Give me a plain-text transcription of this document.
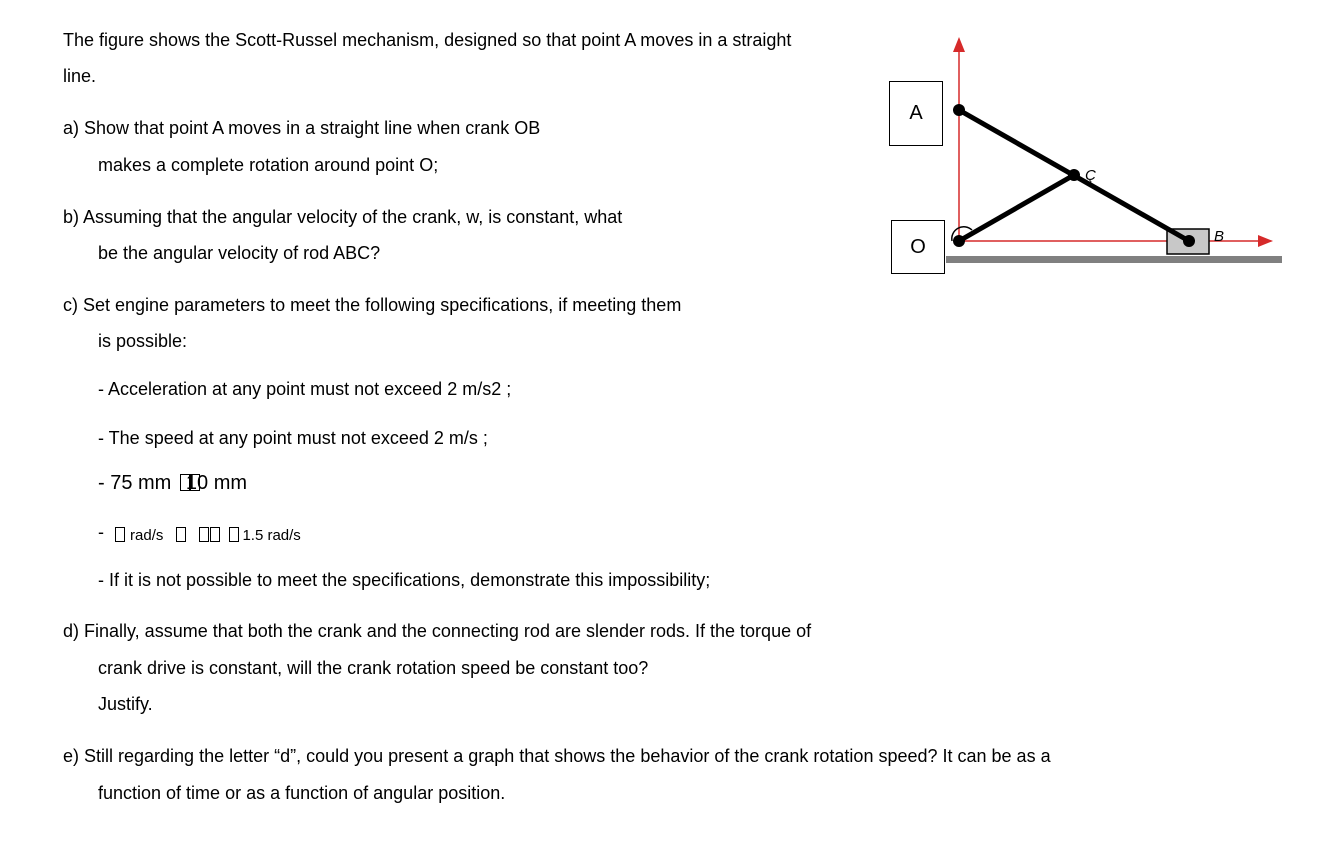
The figure shows the Scott-Russel mechanism, designed so that point A moves in a straight
line.
a) Show that point A moves in a straight line when crank OB
makes a complete rotation around point O;
b) Assuming that the angular velocity of the crank, w, is constant, what
be the angular velocity of rod ABC?
c) Set engine parameters to meet the following specifications, if meeting them
is possible:
- Acceleration at any point must not exceed 2 m/s2 ;
- The speed at any point must not exceed 2 m/s ;
- 75 mm 10 mm
- rad/s	1.5 rad/s
- If it is not possible to meet the specifications, demonstrate this impossibility;
d) Finally, assume that both the crank and the connecting rod are slender rods. If the torque of
crank drive is constant, will the crank rotation speed be constant too?
Justify.
e) Still regarding the letter “d”, could you present a graph that shows the behavior of the crank rotation speed? It can be as a
function of time or as a function of angular position.
Ç
B
A
O
